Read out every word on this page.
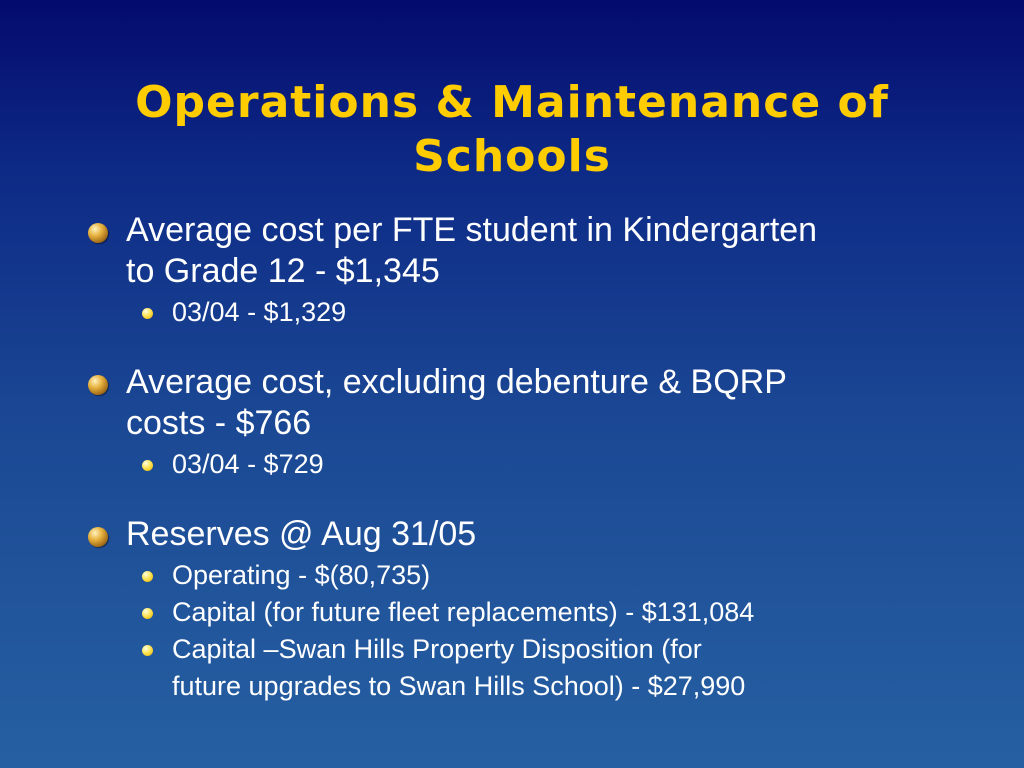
Operations & Maintenance of
Schools
Average cost per FTE student in Kindergarten
to Grade 12 - $1,345
03/04 - $1,329
Average cost, excluding debenture & BQRP
costs - $766
03/04 - $729
Reserves @ Aug 31/05
Operating - $(80,735)
Capital (for future fleet replacements) - $131,084
Capital –Swan Hills Property Disposition (for
future upgrades to Swan Hills School) - $27,990
